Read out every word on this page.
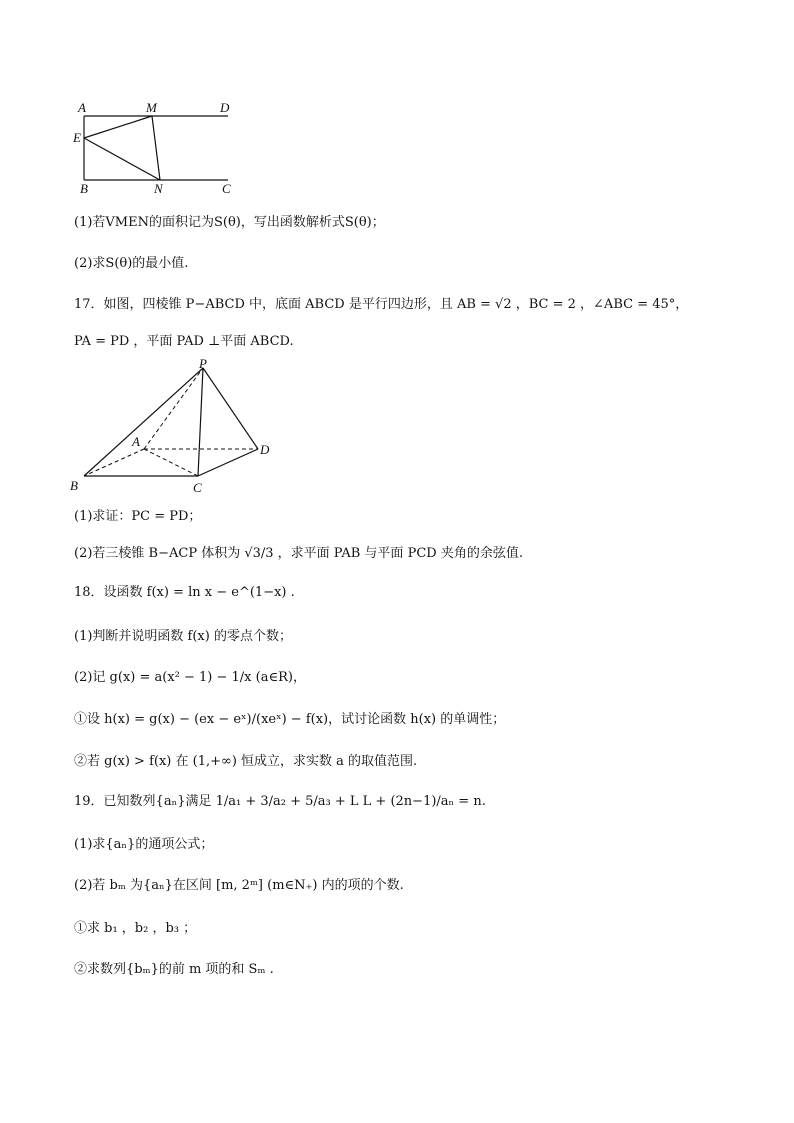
A	M	D
E
B	N	C
(1)若VMEN的面积记为S(θ)，写出函数解析式S(θ)；
(2)求S(θ)的最小值.
17．如图，四棱锥 P−ABCD 中，底面 ABCD 是平行四边形，且 AB = √2 ，BC = 2 ，∠ABC = 45°，
PA = PD ，平面 PAD ⊥平面 ABCD.
P
A
D
B	C
(1)求证：PC = PD；
(2)若三棱锥 B−ACP 体积为 √3/3 ，求平面 PAB 与平面 PCD 夹角的余弦值.
18．设函数 f(x) = ln x − e^(1−x) .
(1)判断并说明函数 f(x) 的零点个数；
(2)记 g(x) = a(x² − 1) − 1/x (a∈R)，
①设 h(x) = g(x) − (ex − eˣ)/(xeˣ) − f(x)，试讨论函数 h(x) 的单调性；
②若 g(x) > f(x) 在 (1,+∞) 恒成立，求实数 a 的取值范围.
19．已知数列{aₙ}满足 1/a₁ + 3/a₂ + 5/a₃ + L L + (2n−1)/aₙ = n.
(1)求{aₙ}的通项公式；
(2)若 bₘ 为{aₙ}在区间 [m, 2ᵐ] (m∈N₊) 内的项的个数.
①求 b₁ ，b₂ ，b₃ ；
②求数列{bₘ}的前 m 项的和 Sₘ .
